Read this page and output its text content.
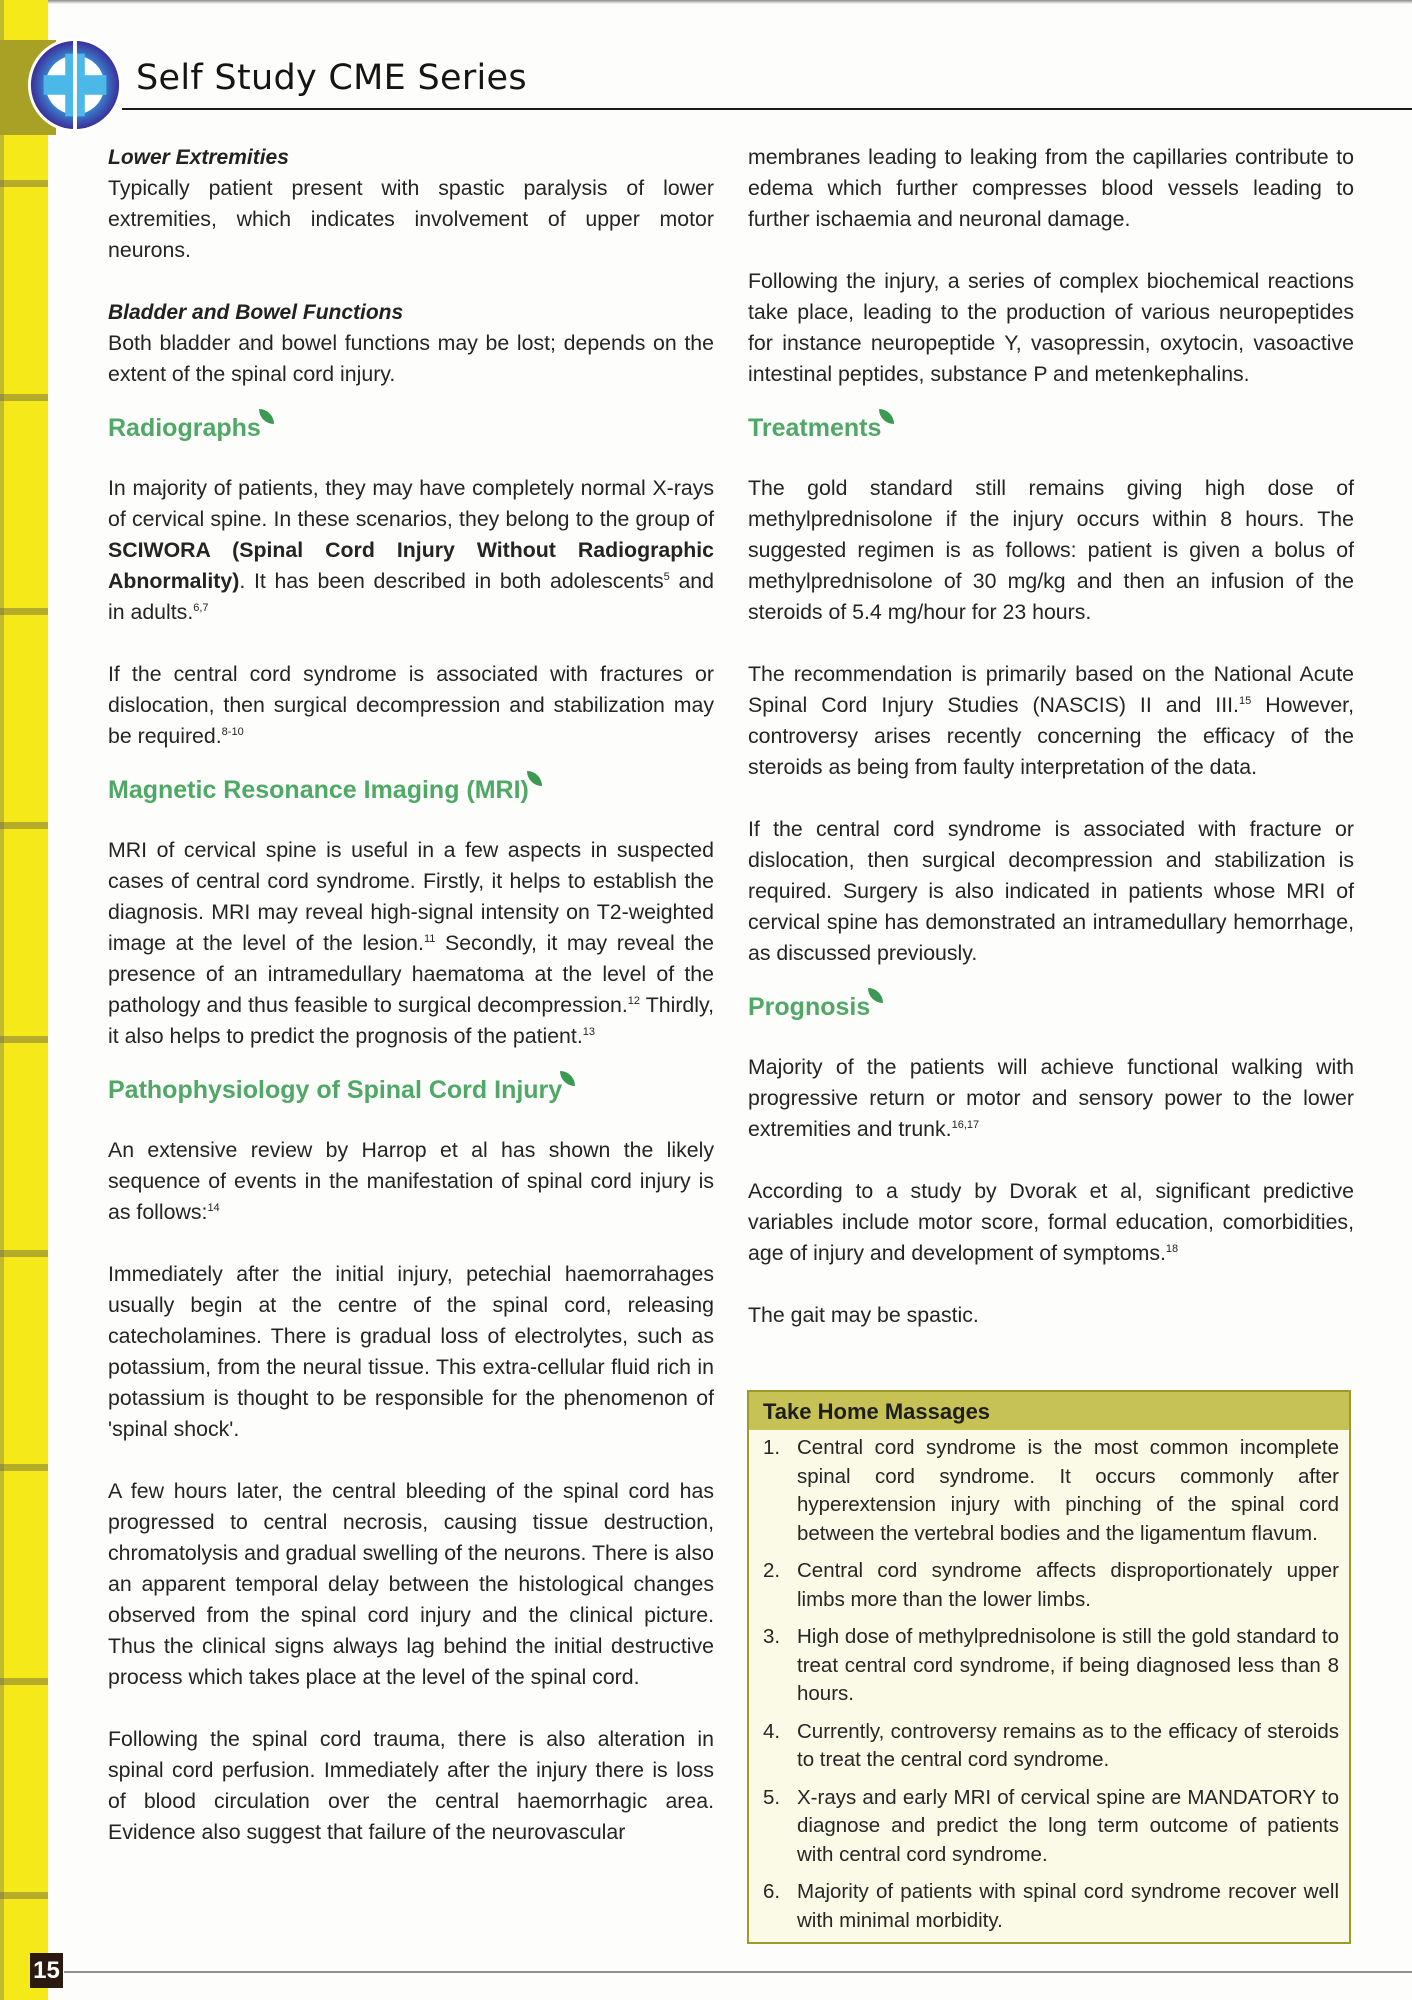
Self Study CME Series
Lower Extremities

Typically patient present with spastic paralysis of lower extremities, which indicates involvement of upper motor neurons.

Bladder and Bowel Functions

Both bladder and bowel functions may be lost; depends on the extent of the spinal cord injury.

Radiographs

In majority of patients, they may have completely normal X-rays of cervical spine. In these scenarios, they belong to the group of SCIWORA (Spinal Cord Injury Without Radiographic Abnormality). It has been described in both adolescents$^5$ and in adults.$^{6,7}$

If the central cord syndrome is associated with fractures or dislocation, then surgical decompression and stabilization may be required.$^{8-10}$

Magnetic Resonance Imaging (MRI)

MRI of cervical spine is useful in a few aspects in suspected cases of central cord syndrome. Firstly, it helps to establish the diagnosis. MRI may reveal high-signal intensity on T2-weighted image at the level of the lesion.$^{11}$ Secondly, it may reveal the presence of an intramedullary haematoma at the level of the pathology and thus feasible to surgical decompression.$^{12}$ Thirdly, it also helps to predict the prognosis of the patient.$^{13}$

Pathophysiology of Spinal Cord Injury

An extensive review by Harrop et al has shown the likely sequence of events in the manifestation of spinal cord injury is as follows:$^{14}$

Immediately after the initial injury, petechial haemorrahages usually begin at the centre of the spinal cord, releasing catecholamines. There is gradual loss of electrolytes, such as potassium, from the neural tissue. This extra-cellular fluid rich in potassium is thought to be responsible for the phenomenon of 'spinal shock'.

A few hours later, the central bleeding of the spinal cord has progressed to central necrosis, causing tissue destruction, chromatolysis and gradual swelling of the neurons. There is also an apparent temporal delay between the histological changes observed from the spinal cord injury and the clinical picture. Thus the clinical signs always lag behind the initial destructive process which takes place at the level of the spinal cord.

Following the spinal cord trauma, there is also alteration in spinal cord perfusion. Immediately after the injury there is loss of blood circulation over the central haemorrhagic area. Evidence also suggest that failure of the neurovascular

membranes leading to leaking from the capillaries contribute to edema which further compresses blood vessels leading to further ischaemia and neuronal damage.

Following the injury, a series of complex biochemical reactions take place, leading to the production of various neuropeptides for instance neuropeptide Y, vasopressin, oxytocin, vasoactive intestinal peptides, substance P and metenkephalins.

Treatments

The gold standard still remains giving high dose of methylprednisolone if the injury occurs within 8 hours. The suggested regimen is as follows: patient is given a bolus of methylprednisolone of 30 mg/kg and then an infusion of the steroids of 5.4 mg/hour for 23 hours.

The recommendation is primarily based on the National Acute Spinal Cord Injury Studies (NASCIS) II and III.$^{15}$ However, controversy arises recently concerning the efficacy of the steroids as being from faulty interpretation of the data.

If the central cord syndrome is associated with fracture or dislocation, then surgical decompression and stabilization is required. Surgery is also indicated in patients whose MRI of cervical spine has demonstrated an intramedullary hemorrhage, as discussed previously.

Prognosis

Majority of the patients will achieve functional walking with progressive return or motor and sensory power to the lower extremities and trunk.$^{16,17}$

According to a study by Dvorak et al, significant predictive variables include motor score, formal education, comorbidities, age of injury and development of symptoms.$^{18}$

The gait may be spastic.

Take Home Massages
1. Central cord syndrome is the most common incomplete spinal cord syndrome. It occurs commonly after hyperextension injury with pinching of the spinal cord between the vertebral bodies and the ligamentum flavum.
2. Central cord syndrome affects disproportionately upper limbs more than the lower limbs.
3. High dose of methylprednisolone is still the gold standard to treat central cord syndrome, if being diagnosed less than 8 hours.
4. Currently, controversy remains as to the efficacy of steroids to treat the central cord syndrome.
5. X-rays and early MRI of cervical spine are MANDATORY to diagnose and predict the long term outcome of patients with central cord syndrome.
6. Majority of patients with spinal cord syndrome recover well with minimal morbidity.
15
